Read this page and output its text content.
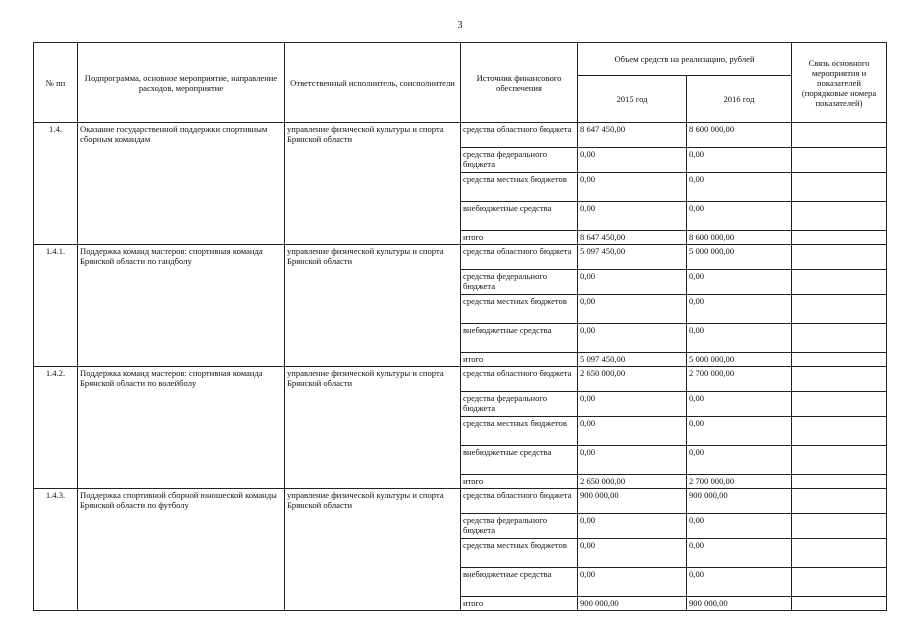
3
№ пп	Подпрограмма, основное мероприятие, направление расходов, мероприятие	Ответственный исполнитель, соисполнители	Источник финансового обеспечения	Объем средств на реализацию, рублей		Связь основного мероприятия и показателей (порядковые номера показателей)
				2015 год	2016 год	
1.4.	Оказание государственной поддержки спортивным сборным командам	управление физической культуры и спорта Брянской области	средства областного бюджета	8 647 450,00	8 600 000,00	
			средства федерального бюджета	0,00	0,00	
			средства местных бюджетов	0,00	0,00	
			внебюджетные средства	0,00	0,00	
			итого	8 647 450,00	8 600 000,00	
1.4.1.	Поддержка команд мастеров: спортивная команда Брянской области по гандболу	управление физической культуры и спорта Брянской области	средства областного бюджета	5 097 450,00	5 000 000,00	
			средства федерального бюджета	0,00	0,00	
			средства местных бюджетов	0,00	0,00	
			внебюджетные средства	0,00	0,00	
			итого	5 097 450,00	5 000 000,00	
1.4.2.	Поддержка команд мастеров: спортивная команда Брянской области по волейболу	управление физической культуры и спорта Брянской области	средства областного бюджета	2 650 000,00	2 700 000,00	
			средства федерального бюджета	0,00	0,00	
			средства местных бюджетов	0,00	0,00	
			внебюджетные средства	0,00	0,00	
			итого	2 650 000,00	2 700 000,00	
1.4.3.	Поддержка спортивной сборной юношеской команды Брянской области по футболу	управление физической культуры и спорта Брянской области	средства областного бюджета	900 000,00	900 000,00	
			средства федерального бюджета	0,00	0,00	
			средства местных бюджетов	0,00	0,00	
			внебюджетные средства	0,00	0,00	
			итого	900 000,00	900 000,00	
